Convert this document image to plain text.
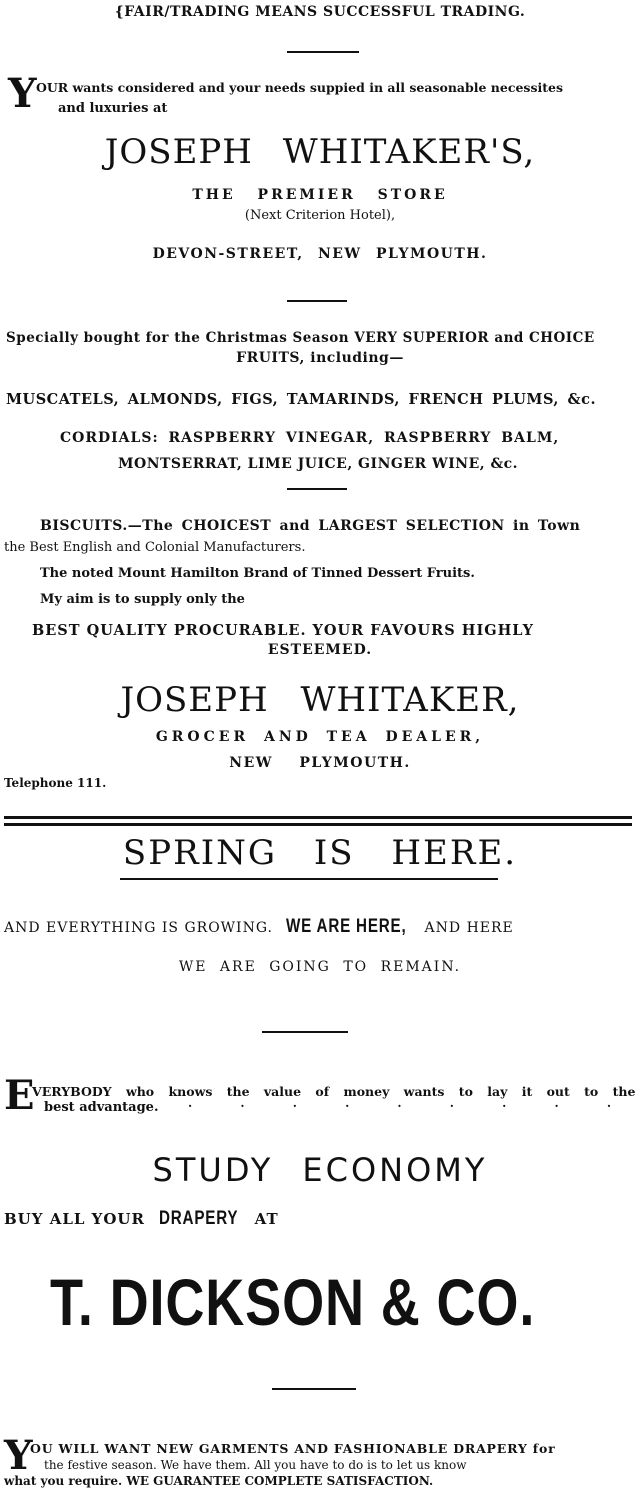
{FAIR/TRADING MEANS SUCCESSFUL TRADING.
Y OUR wants considered and your needs suppied in all seasonable necessites
and luxuries at
JOSEPH WHITAKER'S,
THE PREMIER STORE
(Next Criterion Hotel),
DEVON-STREET, NEW PLYMOUTH.
Specially bought for the Christmas Season VERY SUPERIOR and CHOICE
FRUITS, including—
MUSCATELS, ALMONDS, FIGS, TAMARINDS, FRENCH PLUMS, &c.
CORDIALS: RASPBERRY VINEGAR, RASPBERRY BALM,
MONTSERRAT, LIME JUICE, GINGER WINE, &c.
BISCUITS.—The CHOICEST and LARGEST SELECTION in Town
the Best English and Colonial Manufacturers.
The noted Mount Hamilton Brand of Tinned Dessert Fruits.
My aim is to supply only the
BEST QUALITY PROCURABLE. YOUR FAVOURS HIGHLY
ESTEEMED.
JOSEPH WHITAKER,
GROCER AND TEA DEALER,
NEW PLYMOUTH.
Telephone 111.
SPRING IS HERE.
AND EVERYTHING IS GROWING. WE ARE HERE, AND HERE
WE ARE GOING TO REMAIN.
E
VERYBODY who knows the value of money wants to lay it out to the
best advantage. . . . . . . . . .
STUDY ECONOMY
BUY ALL YOUR DRAPERY AT
T. DICKSON & CO.
Y
OU WILL WANT NEW GARMENTS AND FASHIONABLE DRAPERY for
the festive season. We have them. All you have to do is to let us know
what you require. WE GUARANTEE COMPLETE SATISFACTION.
